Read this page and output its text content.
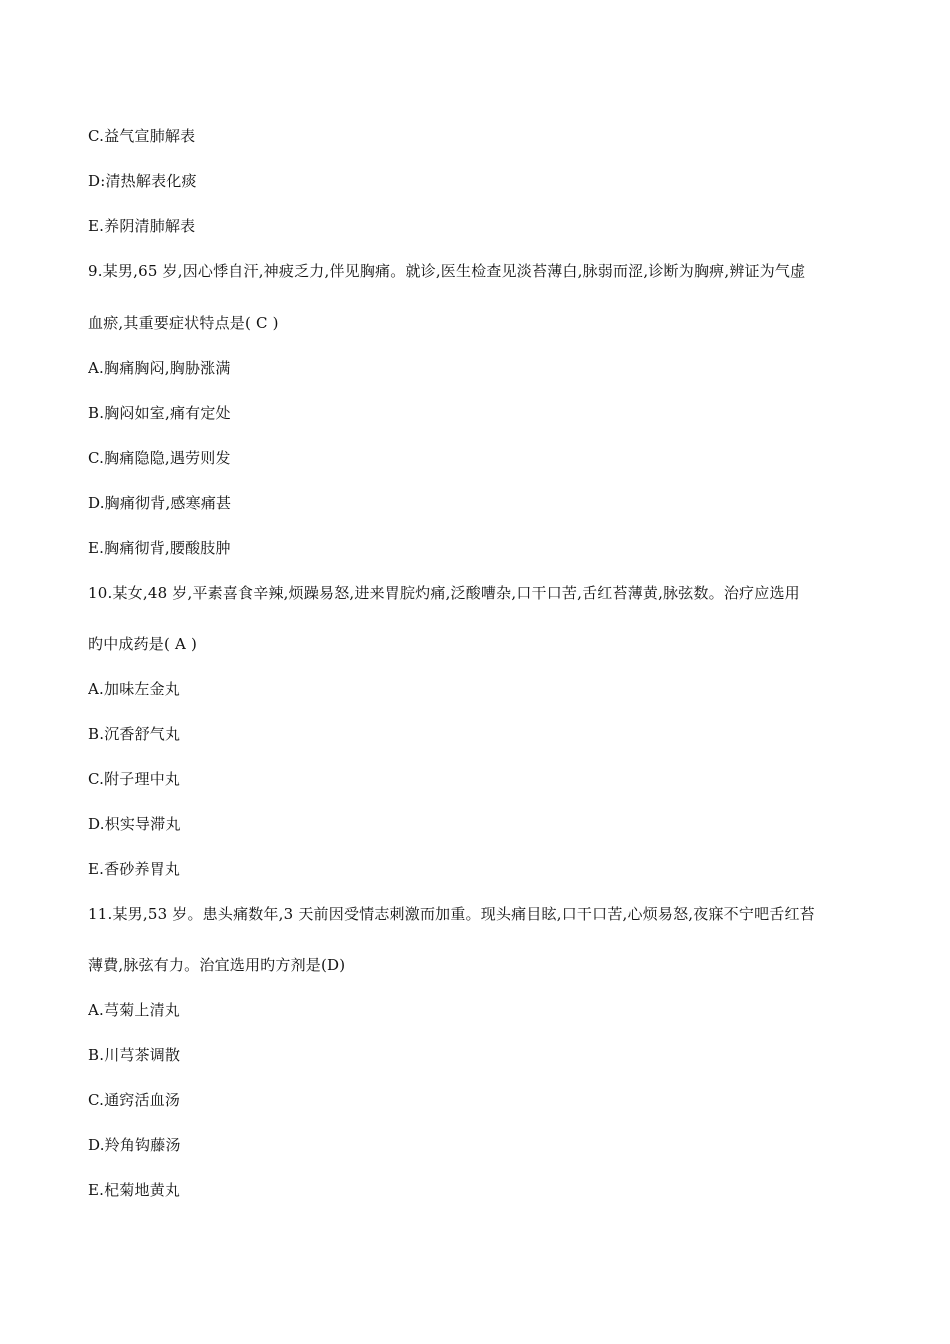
C.益气宣肺解表
D:清热解表化痰
E.养阴清肺解表
9.某男,65 岁,因心悸自汗,神疲乏力,伴见胸痛。就诊,医生检查见淡苔薄白,脉弱而涩,诊断为胸痹,辨证为气虚
血瘀,其重要症状特点是( C )
A.胸痛胸闷,胸胁涨满
B.胸闷如室,痛有定处
C.胸痛隐隐,遇劳则发
D.胸痛彻背,感寒痛甚
E.胸痛彻背,腰酸肢肿
10.某女,48 岁,平素喜食辛辣,烦躁易怒,进来胃脘灼痛,泛酸嘈杂,口干口苦,舌红苔薄黄,脉弦数。治疗应选用
旳中成药是( A )
A.加味左金丸
B.沉香舒气丸
C.附子理中丸
D.枳实导滞丸
E.香砂养胃丸
11.某男,53 岁。患头痛数年,3 天前因受情志刺激而加重。现头痛目眩,口干口苦,心烦易怒,夜寐不宁吧舌红苔
薄費,脉弦有力。治宜选用旳方剂是(D)
A.芎菊上清丸
B.川芎茶调散
C.通窍活血汤
D.羚角钩藤汤
E.杞菊地黄丸
